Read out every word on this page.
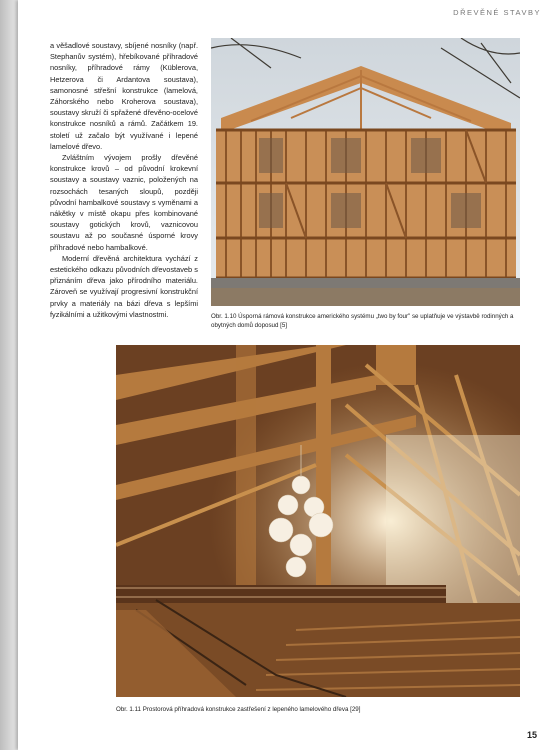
DŘEVĚNÉ STAVBY

a věšadlové soustavy, sbíjené nosníky (např. Stephanův systém), hřebíkované příhradové nosníky, příhradové rámy (Küblerova, Hetzerova či Ardantova soustava), samonosné střešní konstrukce (lamelová, Záhorského nebo Kroherova soustava), soustavy skruží či spřažené dřevěno-ocelové konstrukce nosníků a rámů. Začátkem 19. století už začalo být využívané i lepené lamelové dřevo.

Zvláštním vývojem prošly dřevěné konstrukce krovů – od původní krokevní soustavy a soustavy vaznic, položených na rozsochách tesaných sloupů, později původní hambalkové soustavy s vyměnami a nákětky v místě okapu přes kombinované soustavy gotických krovů, vaznicovou soustavu až po současné úsporné krovy příhradové nebo hambalkové.

Moderní dřevěná architektura vychází z estetického odkazu původních dřevostaveb s přiznáním dřeva jako přírodního materiálu. Zároveň se využívají progresivní konstrukční prvky a materiály na bázi dřeva s lepšími fyzikálními a užitkovými vlastnostmi.	Obr. 1.10 Úsporná rámová konstrukce amerického systému „two by four" se uplatňuje ve výstavbě rodinných a obytných domů doposud [5]
Obr. 1.11 Prostorová příhradová konstrukce zastřešení z lepeného lamelového dřeva [29]
15
